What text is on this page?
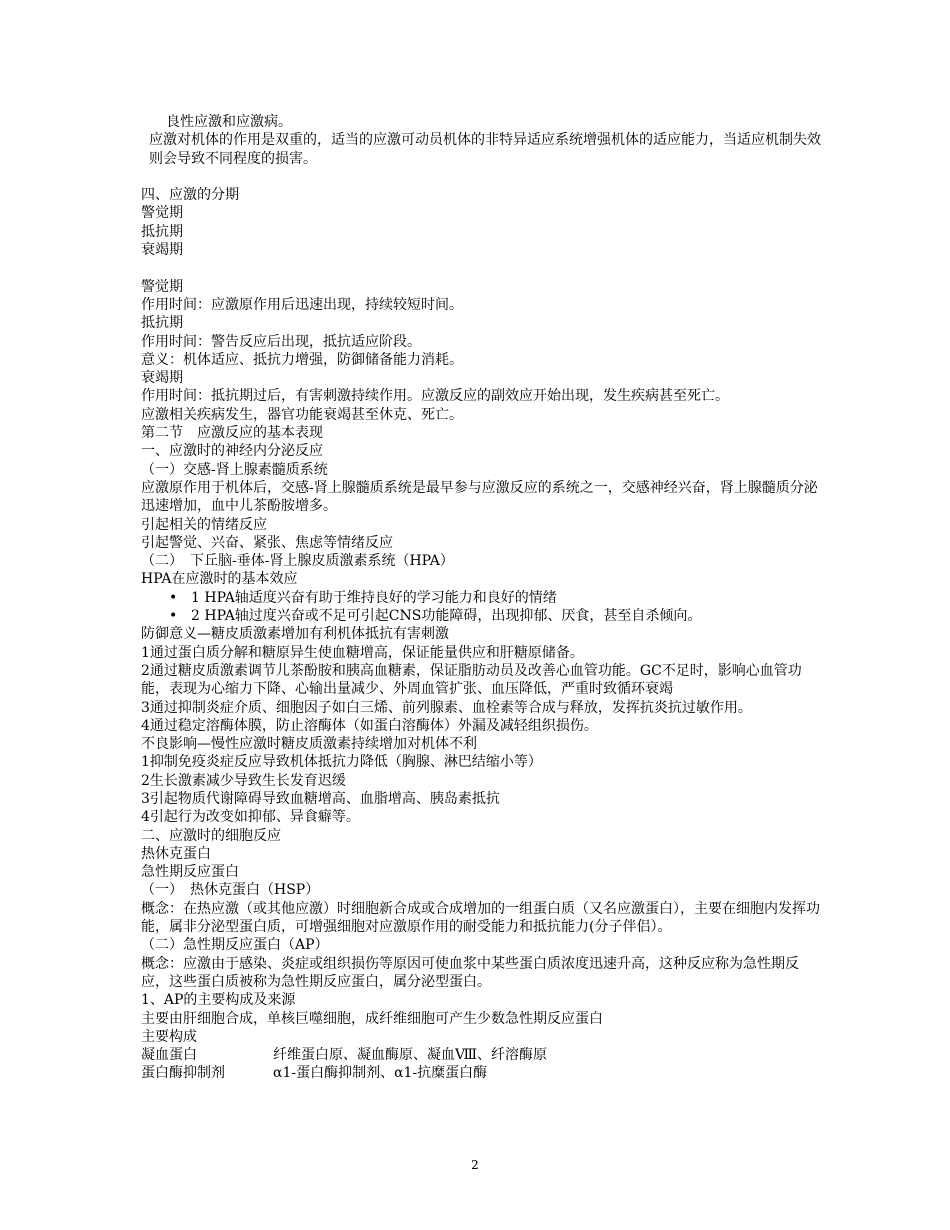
良性应激和应激病。
应激对机体的作用是双重的，适当的应激可动员机体的非特异适应系统增强机体的适应能力，当适应机制失效则会导致不同程度的损害。
四、应激的分期
警觉期
抵抗期
衰竭期
警觉期
作用时间：应激原作用后迅速出现，持续较短时间。
抵抗期
作用时间：警告反应后出现，抵抗适应阶段。
意义：机体适应、抵抗力增强，防御储备能力消耗。
衰竭期
作用时间：抵抗期过后，有害刺激持续作用。应激反应的副效应开始出现，发生疾病甚至死亡。
应激相关疾病发生，器官功能衰竭甚至休克、死亡。
第二节　应激反应的基本表现
一、应激时的神经内分泌反应
（一）交感-肾上腺素髓质系统
应激原作用于机体后，交感-肾上腺髓质系统是最早参与应激反应的系统之一，交感神经兴奋，肾上腺髓质分泌迅速增加，血中儿茶酚胺增多。
引起相关的情绪反应
引起警觉、兴奋、紧张、焦虑等情绪反应
（二）　下丘脑-垂体-肾上腺皮质激素系统（HPA）
HPA在应激时的基本效应
• 1 HPA轴适度兴奋有助于维持良好的学习能力和良好的情绪
• 2 HPA轴过度兴奋或不足可引起CNS功能障碍，出现抑郁、厌食，甚至自杀倾向。
防御意义—糖皮质激素增加有利机体抵抗有害刺激
1通过蛋白质分解和糖原异生使血糖增高，保证能量供应和肝糖原储备。
2通过糖皮质激素调节儿茶酚胺和胰高血糖素，保证脂肪动员及改善心血管功能。GC不足时，影响心血管功能，表现为心缩力下降、心输出量减少、外周血管扩张、血压降低，严重时致循环衰竭
3通过抑制炎症介质、细胞因子如白三烯、前列腺素、血栓素等合成与释放，发挥抗炎抗过敏作用。
4通过稳定溶酶体膜，防止溶酶体（如蛋白溶酶体）外漏及减轻组织损伤。
不良影响—慢性应激时糖皮质激素持续增加对机体不利
1抑制免疫炎症反应导致机体抵抗力降低（胸腺、淋巴结缩小等）
2生长激素减少导致生长发育迟缓
3引起物质代谢障碍导致血糖增高、血脂增高、胰岛素抵抗
4引起行为改变如抑郁、异食癖等。
二、应激时的细胞反应
热休克蛋白
急性期反应蛋白
（一）　热休克蛋白（HSP）
概念：在热应激（或其他应激）时细胞新合成或合成增加的一组蛋白质（又名应激蛋白），主要在细胞内发挥功能，属非分泌型蛋白质，可增强细胞对应激原作用的耐受能力和抵抗能力(分子伴侣）。
（二）急性期反应蛋白（AP）
概念：应激由于感染、炎症或组织损伤等原因可使血浆中某些蛋白质浓度迅速升高，这种反应称为急性期反应，这些蛋白质被称为急性期反应蛋白，属分泌型蛋白。
1、AP的主要构成及来源
主要由肝细胞合成，单核巨噬细胞，成纤维细胞可产生少数急性期反应蛋白
主要构成
凝血蛋白	纤维蛋白原、凝血酶原、凝血Ⅷ、纤溶酶原
蛋白酶抑制剂	α1-蛋白酶抑制剂、α1-抗糜蛋白酶
2
